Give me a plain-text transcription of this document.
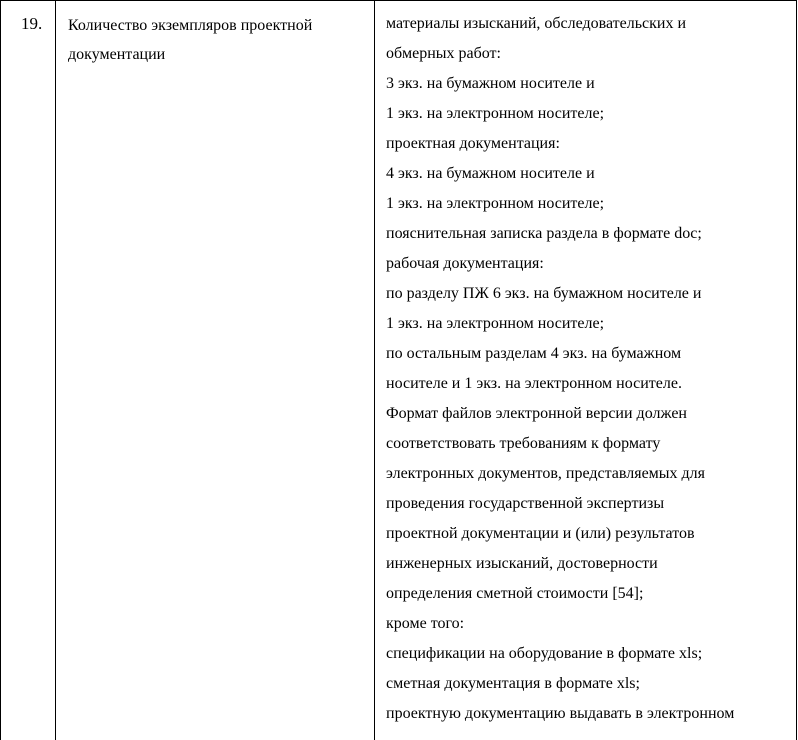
19. Количество экземпляров проектной
документации
материалы изысканий, обследовательских и
обмерных работ:
3 экз. на бумажном носителе и
1 экз. на электронном носителе;
проектная документация:
4 экз. на бумажном носителе и
1 экз. на электронном носителе;
пояснительная записка раздела в формате doc;
рабочая документация:
по разделу ПЖ 6 экз. на бумажном носителе и
1 экз. на электронном носителе;
по остальным разделам 4 экз. на бумажном
носителе и 1 экз. на электронном носителе.
Формат файлов электронной версии должен
соответствовать требованиям к формату
электронных документов, представляемых для
проведения государственной экспертизы
проектной документации и (или) результатов
инженерных изысканий, достоверности
определения сметной стоимости [54];
кроме того:
спецификации на оборудование в формате xls;
сметная документация в формате xls;
проектную документацию выдавать в электронном
